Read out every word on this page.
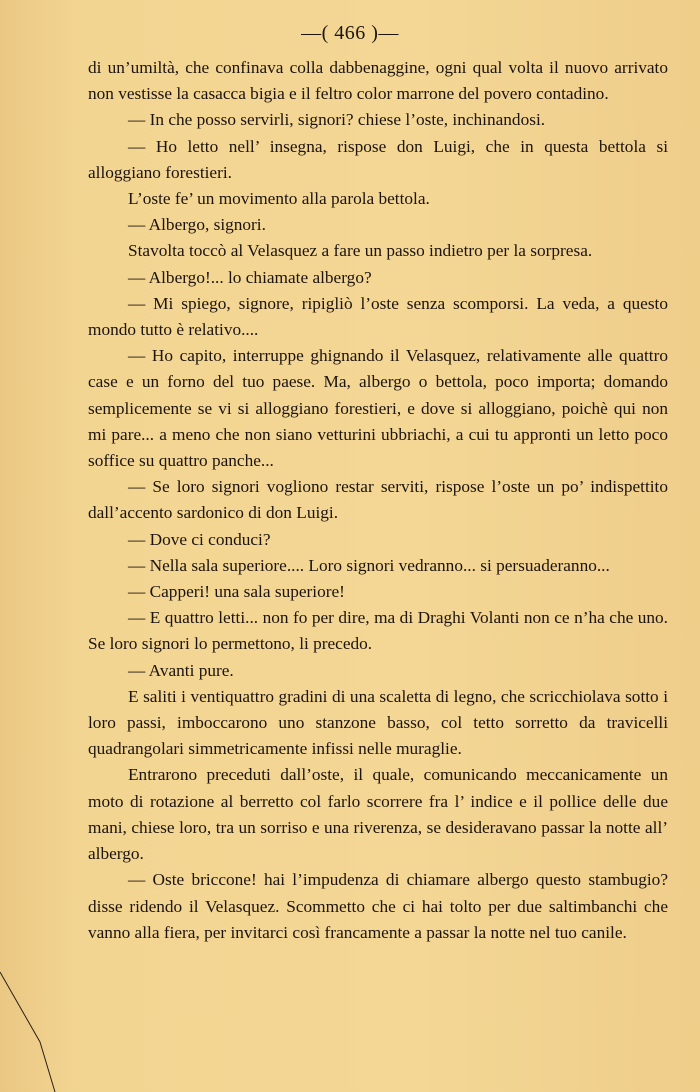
—( 466 )—

di un’umiltà, che confinava colla dabbenaggine, ogni qual volta il nuovo arrivato non vestisse la casacca bigia e il feltro color marrone del povero contadino.

— In che posso servirli, signori? chiese l’oste, inchinandosi.

— Ho letto nell’ insegna, rispose don Luigi, che in questa bettola si alloggiano forestieri.

L’oste fe’ un movimento alla parola bettola.

— Albergo, signori.

Stavolta toccò al Velasquez a fare un passo indietro per la sorpresa.

— Albergo!... lo chiamate albergo?

— Mi spiego, signore, ripigliò l’oste senza scomporsi. La veda, a questo mondo tutto è relativo....

— Ho capito, interruppe ghignando il Velasquez, relativamente alle quattro case e un forno del tuo paese. Ma, albergo o bettola, poco importa; domando semplicemente se vi si alloggiano forestieri, e dove si alloggiano, poichè qui non mi pare... a meno che non siano vetturini ubbriachi, a cui tu appronti un letto poco soffice su quattro panche...

— Se loro signori vogliono restar serviti, rispose l’oste un po’ indispettito dall’accento sardonico di don Luigi.

— Dove ci conduci?

— Nella sala superiore.... Loro signori vedranno... si persuaderanno...

— Capperi! una sala superiore!

— E quattro letti... non fo per dire, ma di Draghi Volanti non ce n’ha che uno. Se loro signori lo permettono, li precedo.

— Avanti pure.

E saliti i ventiquattro gradini di una scaletta di legno, che scricchiolava sotto i loro passi, imboccarono uno stanzone basso, col tetto sorretto da travicelli quadrangolari simmetricamente infissi nelle muraglie.

Entrarono preceduti dall’oste, il quale, comunicando meccanicamente un moto di rotazione al berretto col farlo scorrere fra l’ indice e il pollice delle due mani, chiese loro, tra un sorriso e una riverenza, se desideravano passar la notte all’ albergo.

— Oste briccone! hai l’impudenza di chiamare albergo questo stambugio? disse ridendo il Velasquez. Scommetto che ci hai tolto per due saltimbanchi che vanno alla fiera, per invitarci così francamente a passar la notte nel tuo canile.
